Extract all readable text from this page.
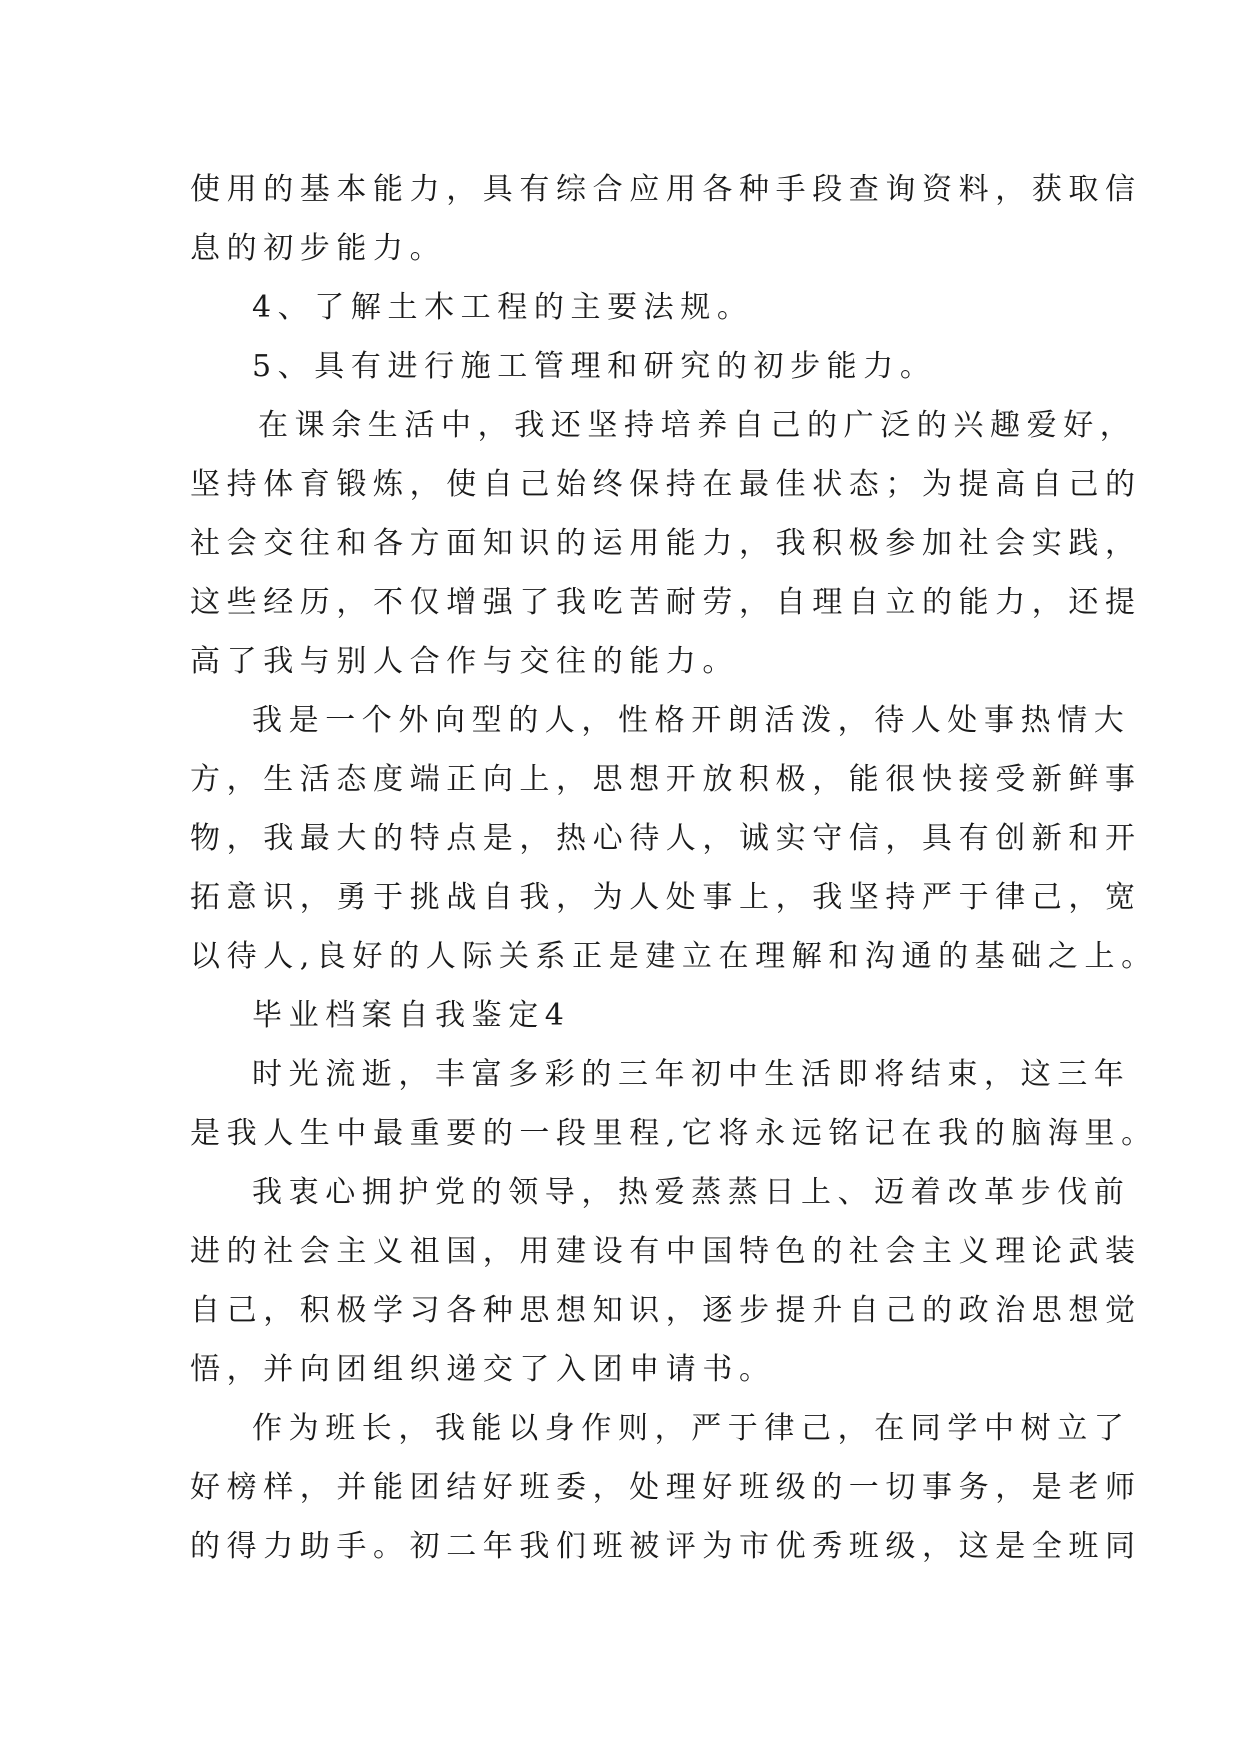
使用的基本能力，具有综合应用各种手段查询资料，获取信
息的初步能力。
4、了解土木工程的主要法规。
5、具有进行施工管理和研究的初步能力。
在课余生活中，我还坚持培养自己的广泛的兴趣爱好，
坚持体育锻炼，使自己始终保持在最佳状态；为提高自己的
社会交往和各方面知识的运用能力，我积极参加社会实践，
这些经历，不仅增强了我吃苦耐劳，自理自立的能力，还提
高了我与别人合作与交往的能力。
我是一个外向型的人，性格开朗活泼，待人处事热情大
方，生活态度端正向上，思想开放积极，能很快接受新鲜事
物，我最大的特点是，热心待人，诚实守信，具有创新和开
拓意识，勇于挑战自我，为人处事上，我坚持严于律己，宽
以待人,良好的人际关系正是建立在理解和沟通的基础之上。
毕业档案自我鉴定4
时光流逝，丰富多彩的三年初中生活即将结束，这三年
是我人生中最重要的一段里程,它将永远铭记在我的脑海里。
我衷心拥护党的领导，热爱蒸蒸日上、迈着改革步伐前
进的社会主义祖国，用建设有中国特色的社会主义理论武装
自己，积极学习各种思想知识，逐步提升自己的政治思想觉
悟，并向团组织递交了入团申请书。
作为班长，我能以身作则，严于律己，在同学中树立了
好榜样，并能团结好班委，处理好班级的一切事务，是老师
的得力助手。初二年我们班被评为市优秀班级，这是全班同
